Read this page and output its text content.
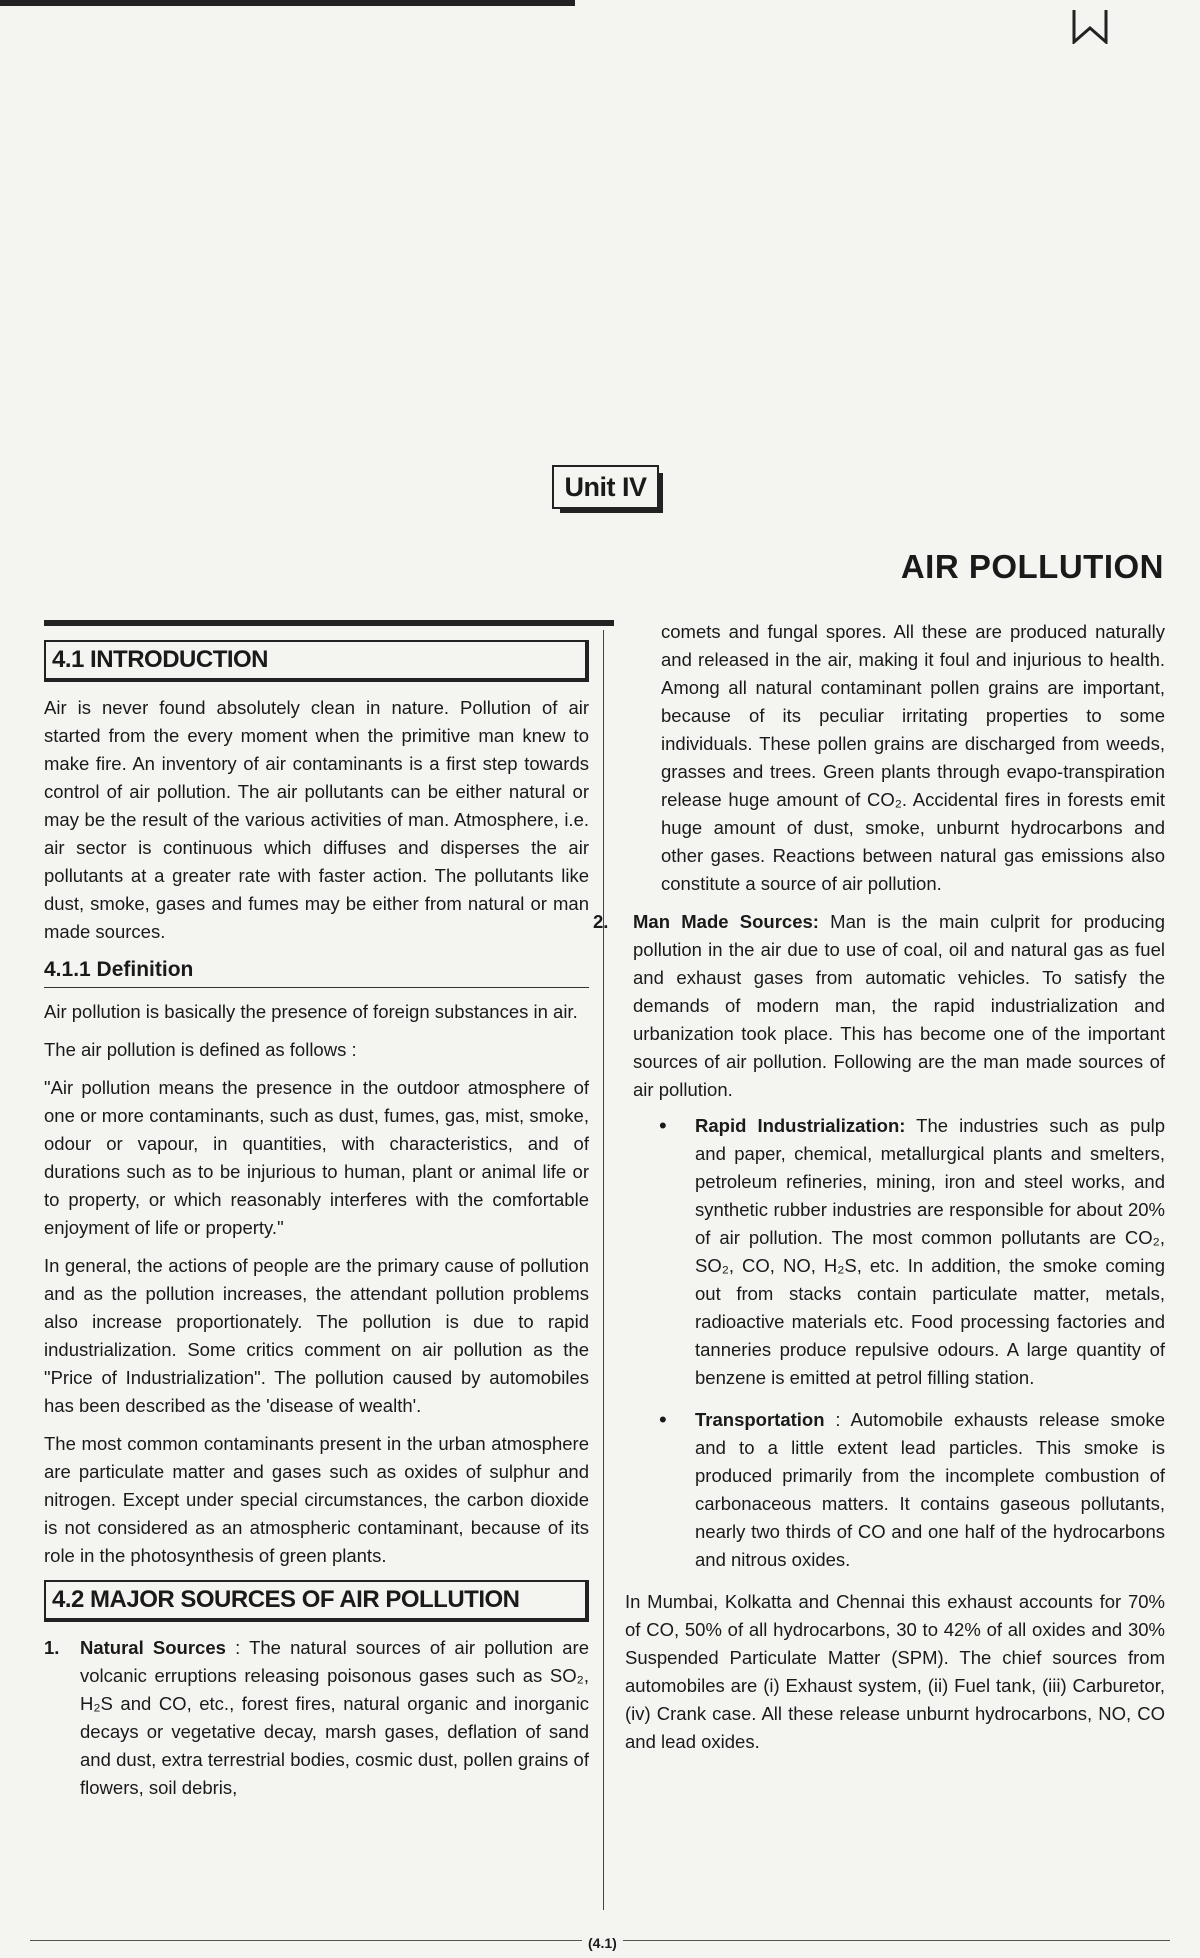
Unit IV
AIR POLLUTION
4.1 INTRODUCTION

Air is never found absolutely clean in nature. Pollution of air started from the every moment when the primitive man knew to make fire. An inventory of air contaminants is a first step towards control of air pollution. The air pollutants can be either natural or may be the result of the various activities of man. Atmosphere, i.e. air sector is continuous which diffuses and disperses the air pollutants at a greater rate with faster action. The pollutants like dust, smoke, gases and fumes may be either from natural or man made sources.

4.1.1 Definition

Air pollution is basically the presence of foreign substances in air.

The air pollution is defined as follows :

"Air pollution means the presence in the outdoor atmosphere of one or more contaminants, such as dust, fumes, gas, mist, smoke, odour or vapour, in quantities, with characteristics, and of durations such as to be injurious to human, plant or animal life or to property, or which reasonably interferes with the comfortable enjoyment of life or property."

In general, the actions of people are the primary cause of pollution and as the pollution increases, the attendant pollution problems also increase proportionately. The pollution is due to rapid industrialization. Some critics comment on air pollution as the "Price of Industrialization". The pollution caused by automobiles has been described as the 'disease of wealth'.

The most common contaminants present in the urban atmosphere are particulate matter and gases such as oxides of sulphur and nitrogen. Except under special circumstances, the carbon dioxide is not considered as an atmospheric contaminant, because of its role in the photosynthesis of green plants.

4.2 MAJOR SOURCES OF AIR POLLUTION
1.	Natural Sources : The natural sources of air pollution are volcanic erruptions releasing poisonous gases such as SO₂, H₂S and CO, etc., forest fires, natural organic and inorganic decays or vegetative decay, marsh gases, deflation of sand and dust, extra terrestrial bodies, cosmic dust, pollen grains of flowers, soil debris,

comets and fungal spores. All these are produced naturally and released in the air, making it foul and injurious to health. Among all natural contaminant pollen grains are important, because of its peculiar irritating properties to some individuals. These pollen grains are discharged from weeds, grasses and trees. Green plants through evapo-transpiration release huge amount of CO₂. Accidental fires in forests emit huge amount of dust, smoke, unburnt hydrocarbons and other gases. Reactions between natural gas emissions also constitute a source of air pollution.

2.	Man Made Sources: Man is the main culprit for producing pollution in the air due to use of coal, oil and natural gas as fuel and exhaust gases from automatic vehicles. To satisfy the demands of modern man, the rapid industrialization and urbanization took place. This has become one of the important sources of air pollution. Following are the man made sources of air pollution.
•	Rapid Industrialization: The industries such as pulp and paper, chemical, metallurgical plants and smelters, petroleum refineries, mining, iron and steel works, and synthetic rubber industries are responsible for about 20% of air pollution. The most common pollutants are CO₂, SO₂, CO, NO, H₂S, etc. In addition, the smoke coming out from stacks contain particulate matter, metals, radioactive materials etc. Food processing factories and tanneries produce repulsive odours. A large quantity of benzene is emitted at petrol filling station.
•	Transportation : Automobile exhausts release smoke and to a little extent lead particles. This smoke is produced primarily from the incomplete combustion of carbonaceous matters. It contains gaseous pollutants, nearly two thirds of CO and one half of the hydrocarbons and nitrous oxides.

In Mumbai, Kolkatta and Chennai this exhaust accounts for 70% of CO, 50% of all hydrocarbons, 30 to 42% of all oxides and 30% Suspended Particulate Matter (SPM). The chief sources from automobiles are (i) Exhaust system, (ii) Fuel tank, (iii) Carburetor, (iv) Crank case. All these release unburnt hydrocarbons, NO, CO and lead oxides.

(4.1)
